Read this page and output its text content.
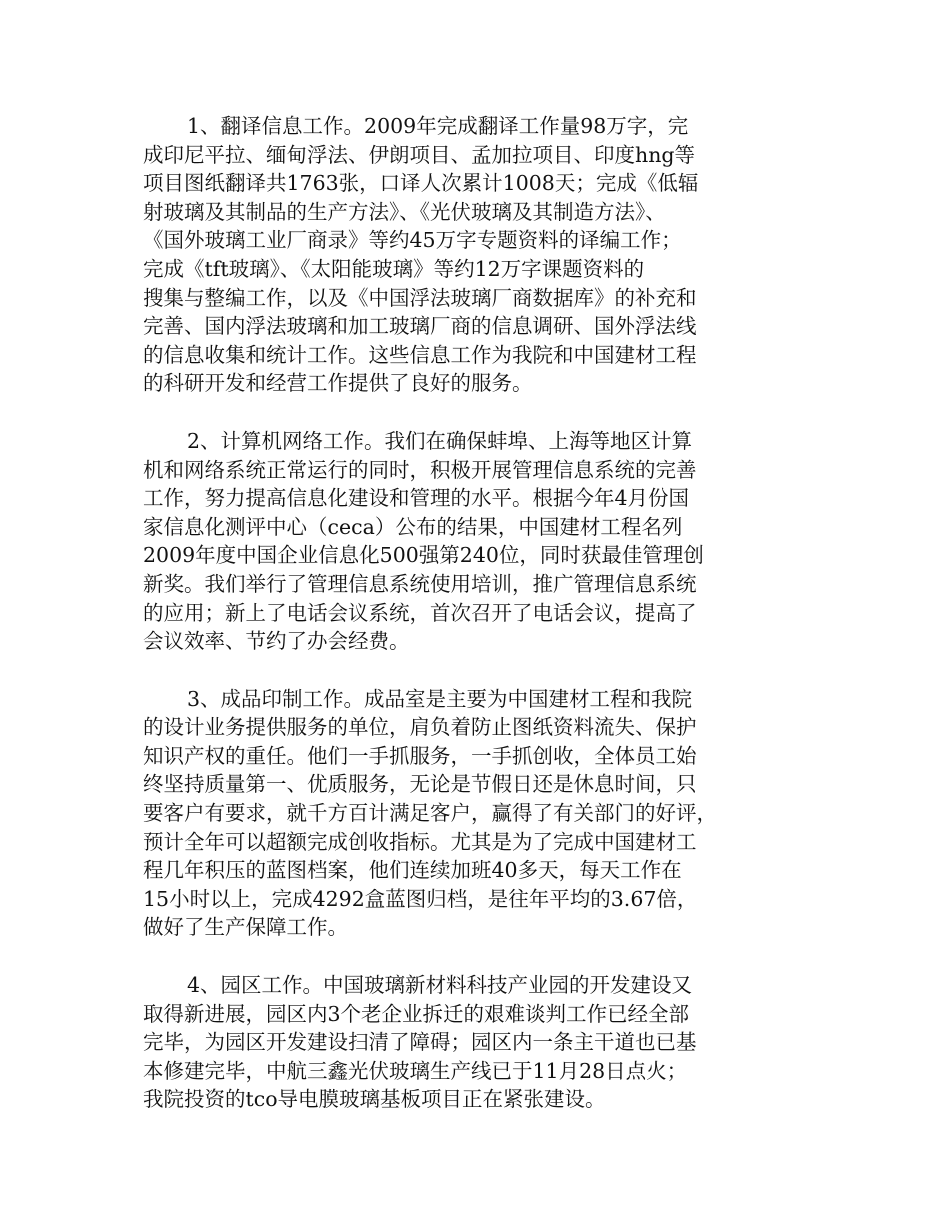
1、翻译信息工作。2009年完成翻译工作量98万字，完
成印尼平拉、缅甸浮法、伊朗项目、孟加拉项目、印度hng等
项目图纸翻译共1763张，口译人次累计1008天；完成《低辐
射玻璃及其制品的生产方法》、《光伏玻璃及其制造方法》、
《国外玻璃工业厂商录》等约45万字专题资料的译编工作；
完成《tft玻璃》、《太阳能玻璃》等约12万字课题资料的
搜集与整编工作，以及《中国浮法玻璃厂商数据库》的补充和
完善、国内浮法玻璃和加工玻璃厂商的信息调研、国外浮法线
的信息收集和统计工作。这些信息工作为我院和中国建材工程
的科研开发和经营工作提供了良好的服务。
2、计算机网络工作。我们在确保蚌埠、上海等地区计算
机和网络系统正常运行的同时，积极开展管理信息系统的完善
工作，努力提高信息化建设和管理的水平。根据今年4月份国
家信息化测评中心（ceca）公布的结果，中国建材工程名列
2009年度中国企业信息化500强第240位，同时获最佳管理创
新奖。我们举行了管理信息系统使用培训，推广管理信息系统
的应用；新上了电话会议系统，首次召开了电话会议，提高了
会议效率、节约了办会经费。
3、成品印制工作。成品室是主要为中国建材工程和我院
的设计业务提供服务的单位，肩负着防止图纸资料流失、保护
知识产权的重任。他们一手抓服务，一手抓创收，全体员工始
终坚持质量第一、优质服务，无论是节假日还是休息时间，只
要客户有要求，就千方百计满足客户，赢得了有关部门的好评，
预计全年可以超额完成创收指标。尤其是为了完成中国建材工
程几年积压的蓝图档案，他们连续加班40多天，每天工作在
15小时以上，完成4292盒蓝图归档，是往年平均的3.67倍，
做好了生产保障工作。
4、园区工作。中国玻璃新材料科技产业园的开发建设又
取得新进展，园区内3个老企业拆迁的艰难谈判工作已经全部
完毕，为园区开发建设扫清了障碍；园区内一条主干道也已基
本修建完毕，中航三鑫光伏玻璃生产线已于11月28日点火；
我院投资的tco导电膜玻璃基板项目正在紧张建设。
